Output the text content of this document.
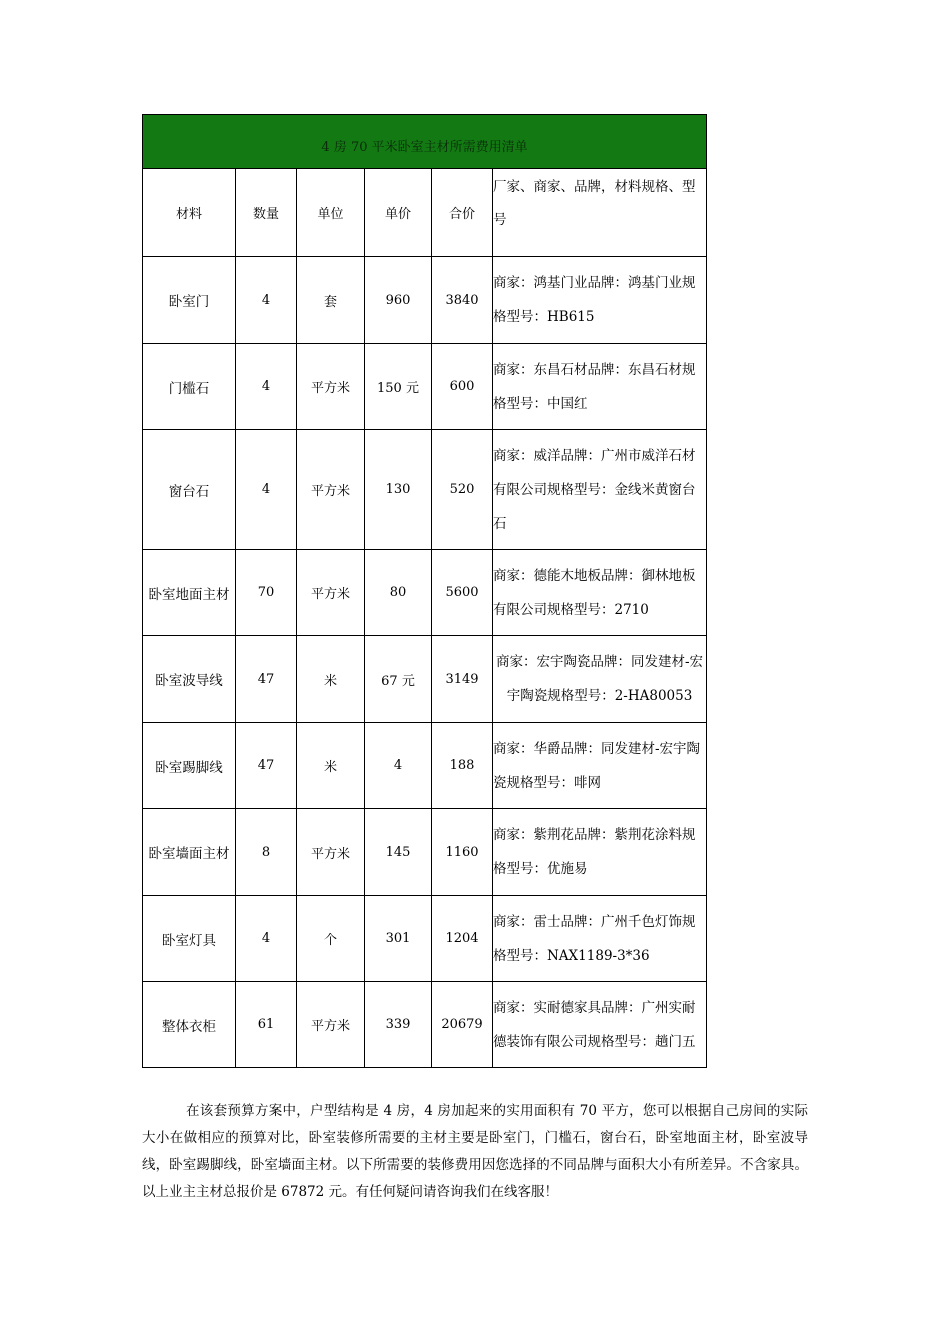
4 房 70 平米卧室主材所需费用清单					
材料	数量	单位	单价	合价	厂家、商家、品牌，材料规格、型号
卧室门	4	套	960	3840	商家：鸿基门业品牌：鸿基门业规格型号：HB615
门槛石	4	平方米	150 元	600	商家：东昌石材品牌：东昌石材规格型号：中国红
窗台石	4	平方米	130	520	商家：威洋品牌：广州市威洋石材有限公司规格型号：金线米黄窗台石
卧室地面主材	70	平方米	80	5600	商家：德能木地板品牌：御林地板有限公司规格型号：2710
卧室波导线	47	米	67 元	3149	商家：宏宇陶瓷品牌：同发建材-宏宇陶瓷规格型号：2-HA80053
卧室踢脚线	47	米	4	188	商家：华爵品牌：同发建材-宏宇陶瓷规格型号：啡网
卧室墙面主材	8	平方米	145	1160	商家：紫荆花品牌：紫荆花涂料规格型号：优施易
卧室灯具	4	个	301	1204	商家：雷士品牌：广州千色灯饰规格型号：NAX1189-3*36
整体衣柜	61	平方米	339	20679	商家：实耐德家具品牌：广州实耐德装饰有限公司规格型号：趟门五

在该套预算方案中，户型结构是 4 房，4 房加起来的实用面积有 70 平方，您可以根据自己房间的实际大小在做相应的预算对比，卧室装修所需要的主材主要是卧室门，门槛石，窗台石，卧室地面主材，卧室波导线，卧室踢脚线，卧室墙面主材。以下所需要的装修费用因您选择的不同品牌与面积大小有所差异。不含家具。以上业主主材总报价是 67872 元。有任何疑问请咨询我们在线客服！
